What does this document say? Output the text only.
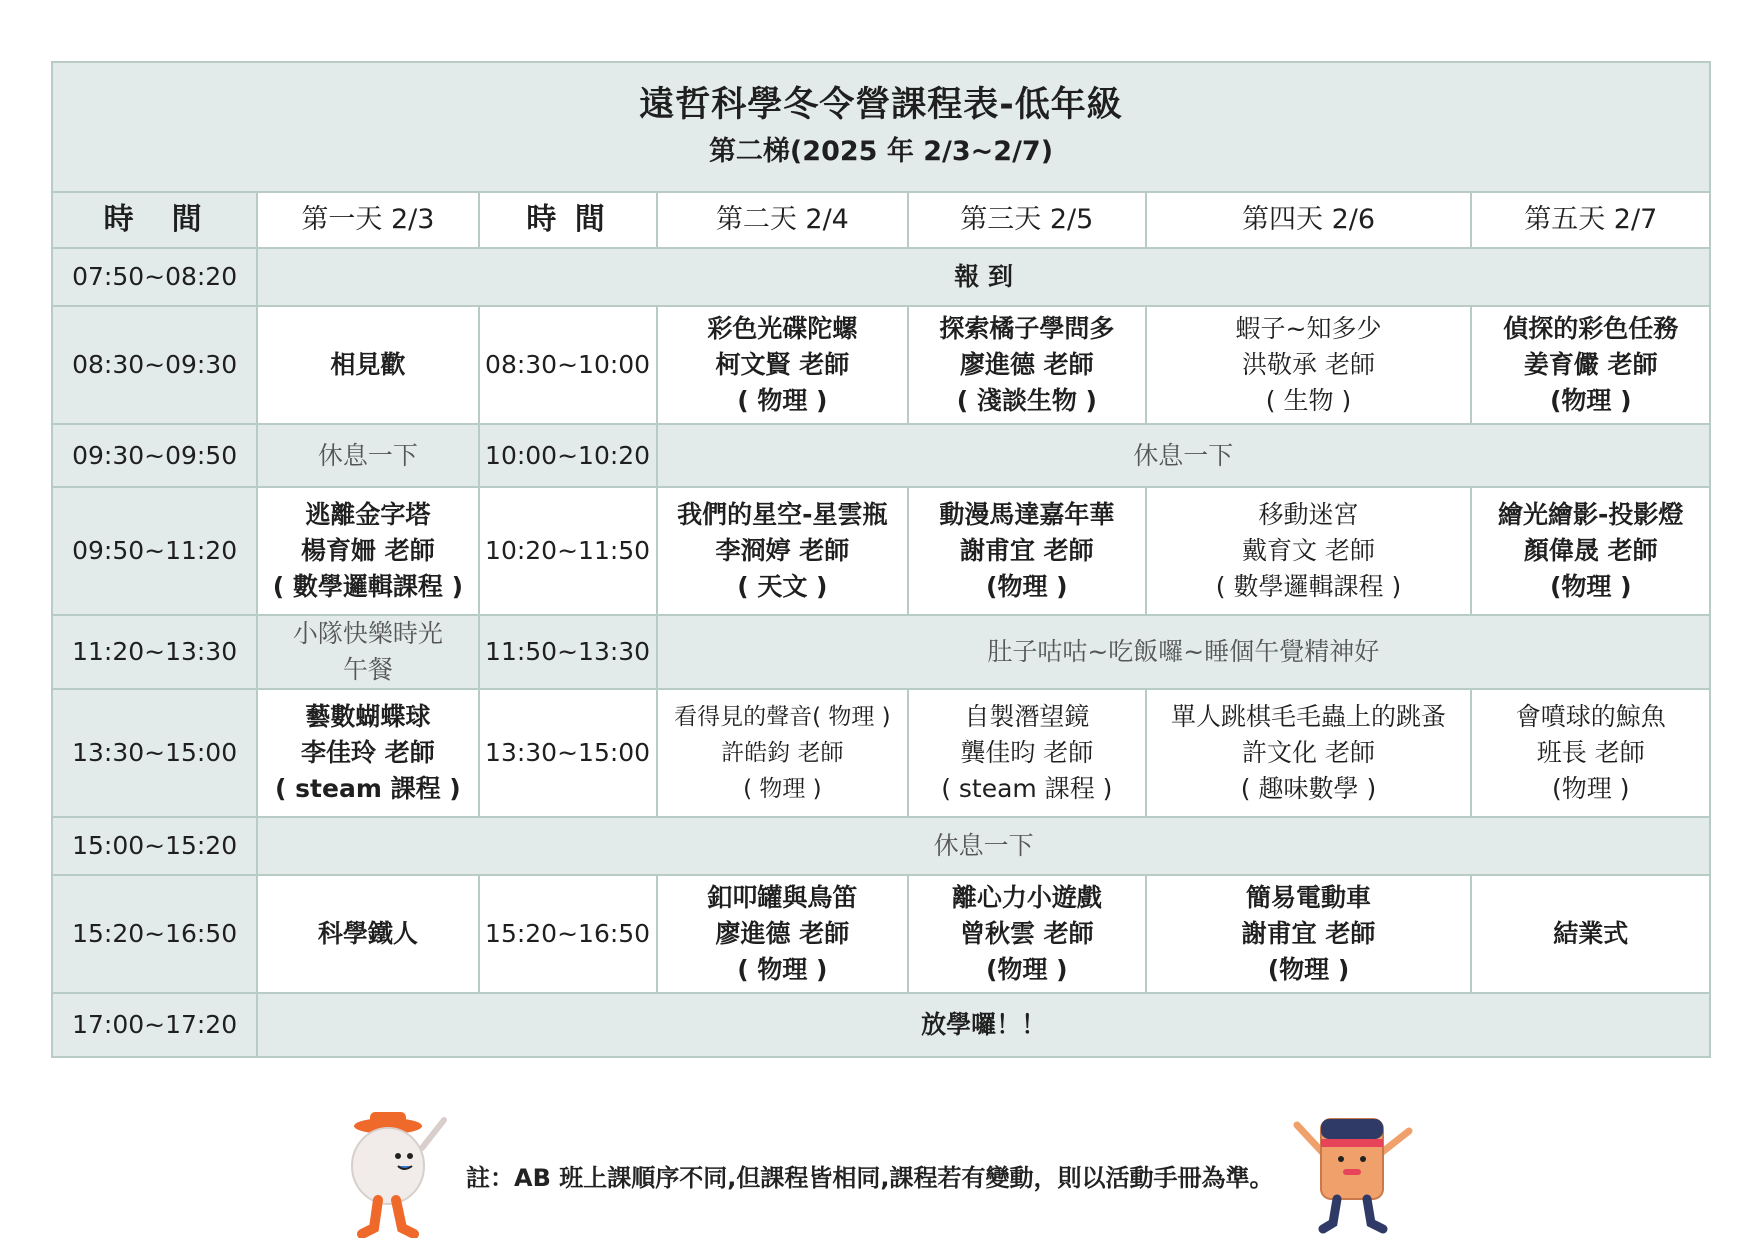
遠哲科學冬令營課程表-低年級
第二梯(2025 年 2/3~2/7)						

時　間	第一天 2/3	時 間	第二天 2/4	第三天 2/5	第四天 2/6	第五天 2/7
07:50~08:20	報 到					
08:30~09:30	相見歡	08:30~10:00	彩色光碟陀螺
柯文賢 老師
( 物理 )	探索橘子學問多
廖進德 老師
( 淺談生物 )	蝦子~知多少
洪敬承 老師
( 生物 )	偵探的彩色任務
姜育儼 老師
(物理 )

09:30~09:50	休息一下	10:00~10:20	休息一下			
09:50~11:20	逃離金字塔
楊育姍 老師
( 數學邏輯課程 )	10:20~11:50	我們的星空-星雲瓶
李浻婷 老師
( 天文 )	動漫馬達嘉年華
謝甫宜 老師
(物理 )	移動迷宮
戴育文 老師
( 數學邏輯課程 )	繪光繪影-投影燈
顏偉晟 老師
(物理 )

11:20~13:30	小隊快樂時光
午餐	11:50~13:30	肚子咕咕~吃飯囉~睡個午覺精神好			
13:30~15:00	藝數蝴蝶球
李佳玲 老師
( steam 課程 )	13:30~15:00	看得見的聲音( 物理 )
許皓鈞 老師
( 物理 )	自製潛望鏡
龔佳昀 老師
( steam 課程 )	單人跳棋毛毛蟲上的跳蚤
許文化 老師
( 趣味數學 )	會噴球的鯨魚
班長 老師
(物理 )

15:00~15:20	休息一下					
15:20~16:50	科學鐵人	15:20~16:50	釦叩罐與鳥笛
廖進德 老師
( 物理 )	離心力小遊戲
曾秋雲 老師
(物理 )	簡易電動車
謝甫宜 老師
(物理 )	結業式
17:00~17:20	放學囉！！					
註：AB 班上課順序不同,但課程皆相同,課程若有變動，則以活動手冊為準。
